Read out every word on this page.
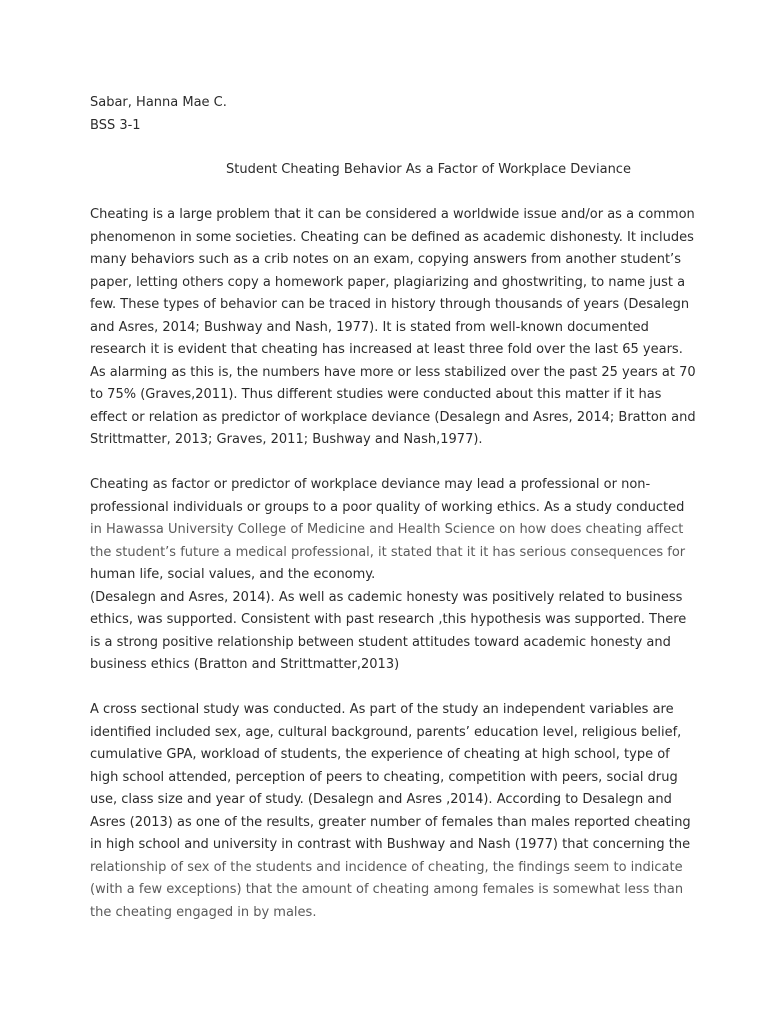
Sabar, Hanna Mae C.
BSS 3-1
Student Cheating Behavior As a Factor of Workplace Deviance
Cheating is a large problem that it can be considered a worldwide issue and/or as a common
phenomenon in some societies. Cheating can be defined as academic dishonesty. It includes
many behaviors such as a crib notes on an exam, copying answers from another student’s
paper, letting others copy a homework paper, plagiarizing and ghostwriting, to name just a
few. These types of behavior can be traced in history through thousands of years (Desalegn
and Asres, 2014; Bushway and Nash, 1977). It is stated from well-known documented
research it is evident that cheating has increased at least three fold over the last 65 years.
As alarming as this is, the numbers have more or less stabilized over the past 25 years at 70
to 75% (Graves,2011). Thus different studies were conducted about this matter if it has
effect or relation as predictor of workplace deviance (Desalegn and Asres, 2014; Bratton and
Strittmatter, 2013; Graves, 2011; Bushway and Nash,1977).
Cheating as factor or predictor of workplace deviance may lead a professional or non-
professional individuals or groups to a poor quality of working ethics. As a study conducted
in Hawassa University College of Medicine and Health Science on how does cheating affect
the student’s future a medical professional, it stated that it it has serious consequences for
human life, social values, and the economy.
(Desalegn and Asres, 2014). As well as cademic honesty was positively related to business
ethics, was supported. Consistent with past research ,this hypothesis was supported. There
is a strong positive relationship between student attitudes toward academic honesty and
business ethics (Bratton and Strittmatter,2013)
A cross sectional study was conducted. As part of the study an independent variables are
identified included sex, age, cultural background, parents’ education level, religious belief,
cumulative GPA, workload of students, the experience of cheating at high school, type of
high school attended, perception of peers to cheating, competition with peers, social drug
use, class size and year of study. (Desalegn and Asres ,2014). According to Desalegn and
Asres (2013) as one of the results, greater number of females than males reported cheating
in high school and university in contrast with Bushway and Nash (1977) that concerning the
relationship of sex of the students and incidence of cheating, the findings seem to indicate
(with a few exceptions) that the amount of cheating among females is somewhat less than
the cheating engaged in by males.
